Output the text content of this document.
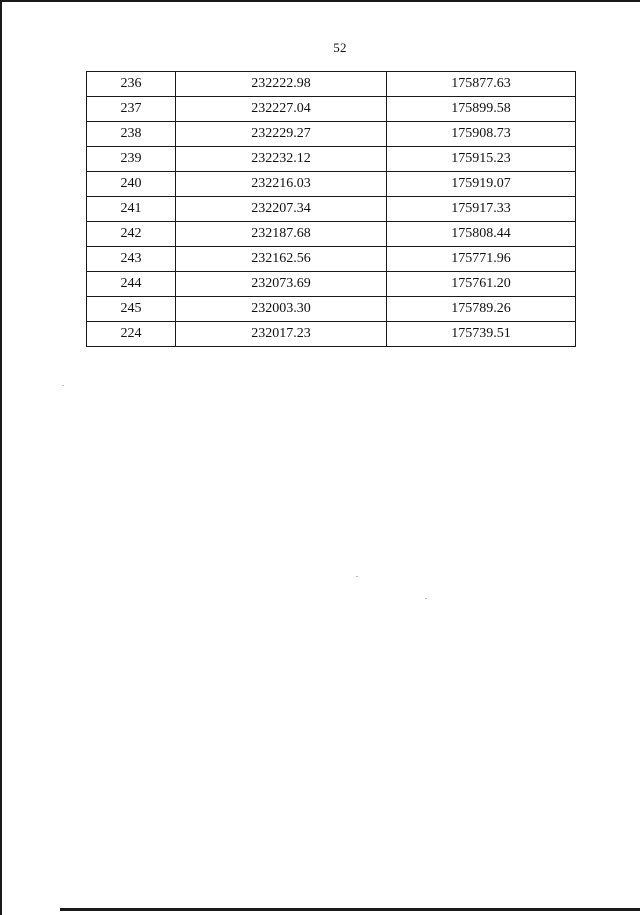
52
236	232222.98	175877.63
237	232227.04	175899.58
238	232229.27	175908.73
239	232232.12	175915.23
240	232216.03	175919.07
241	232207.34	175917.33
242	232187.68	175808.44
243	232162.56	175771.96
244	232073.69	175761.20
245	232003.30	175789.26
224	232017.23	175739.51
